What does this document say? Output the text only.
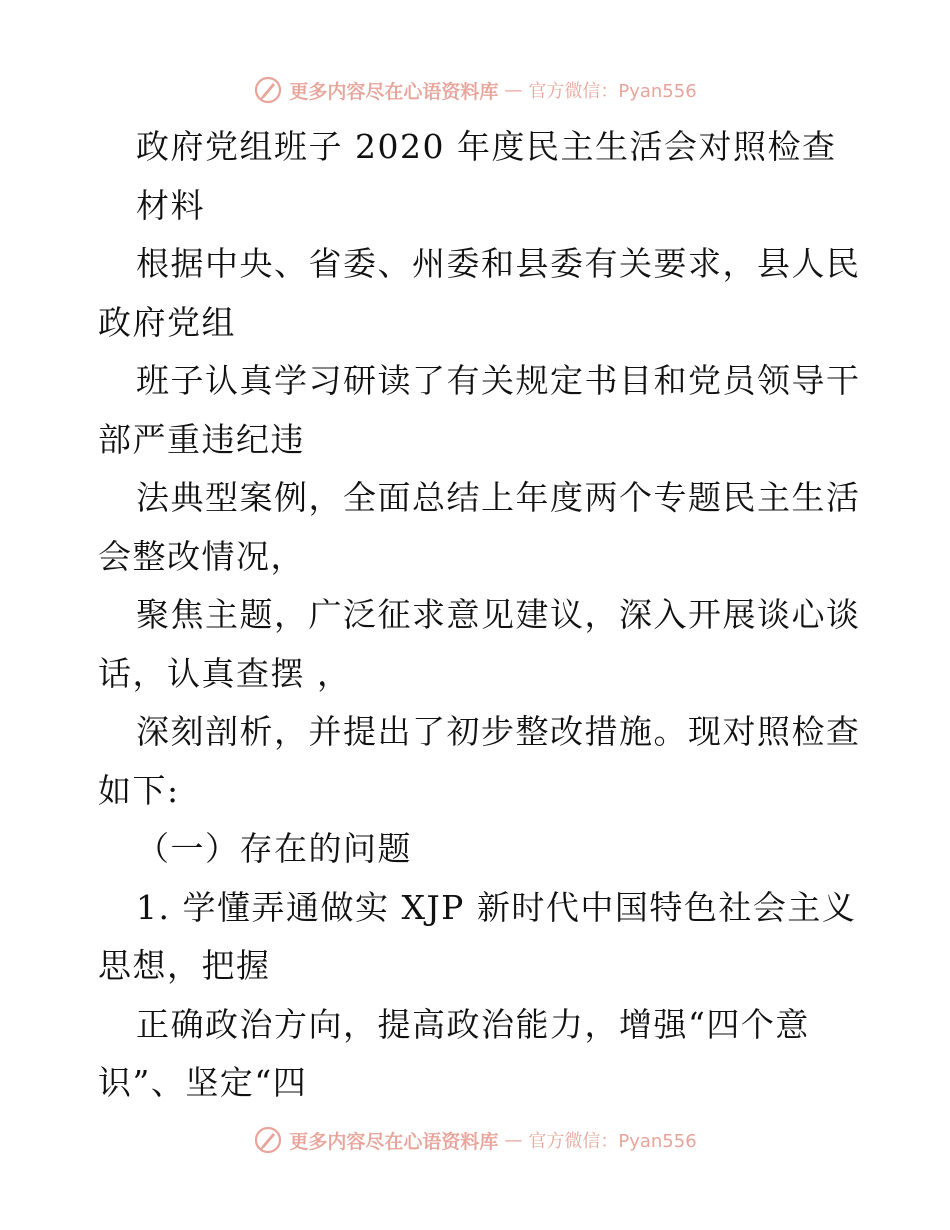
更多内容尽在心语资料库 — 官方微信：Pyan556
政府党组班子 2020 年度民主生活会对照检查
材料
根据中央、省委、州委和县委有关要求，县人民
政府党组
班子认真学习研读了有关规定书目和党员领导干
部严重违纪违
法典型案例，全面总结上年度两个专题民主生活
会整改情况，
聚焦主题，广泛征求意见建议，深入开展谈心谈
话，认真查摆 ，
深刻剖析，并提出了初步整改措施。现对照检查
如下:
（一）存在的问题
1. 学懂弄通做实 XJP 新时代中国特色社会主义
思想，把握
正确政治方向，提高政治能力，增强“四个意
识”、坚定“四
更多内容尽在心语资料库 — 官方微信：Pyan556
